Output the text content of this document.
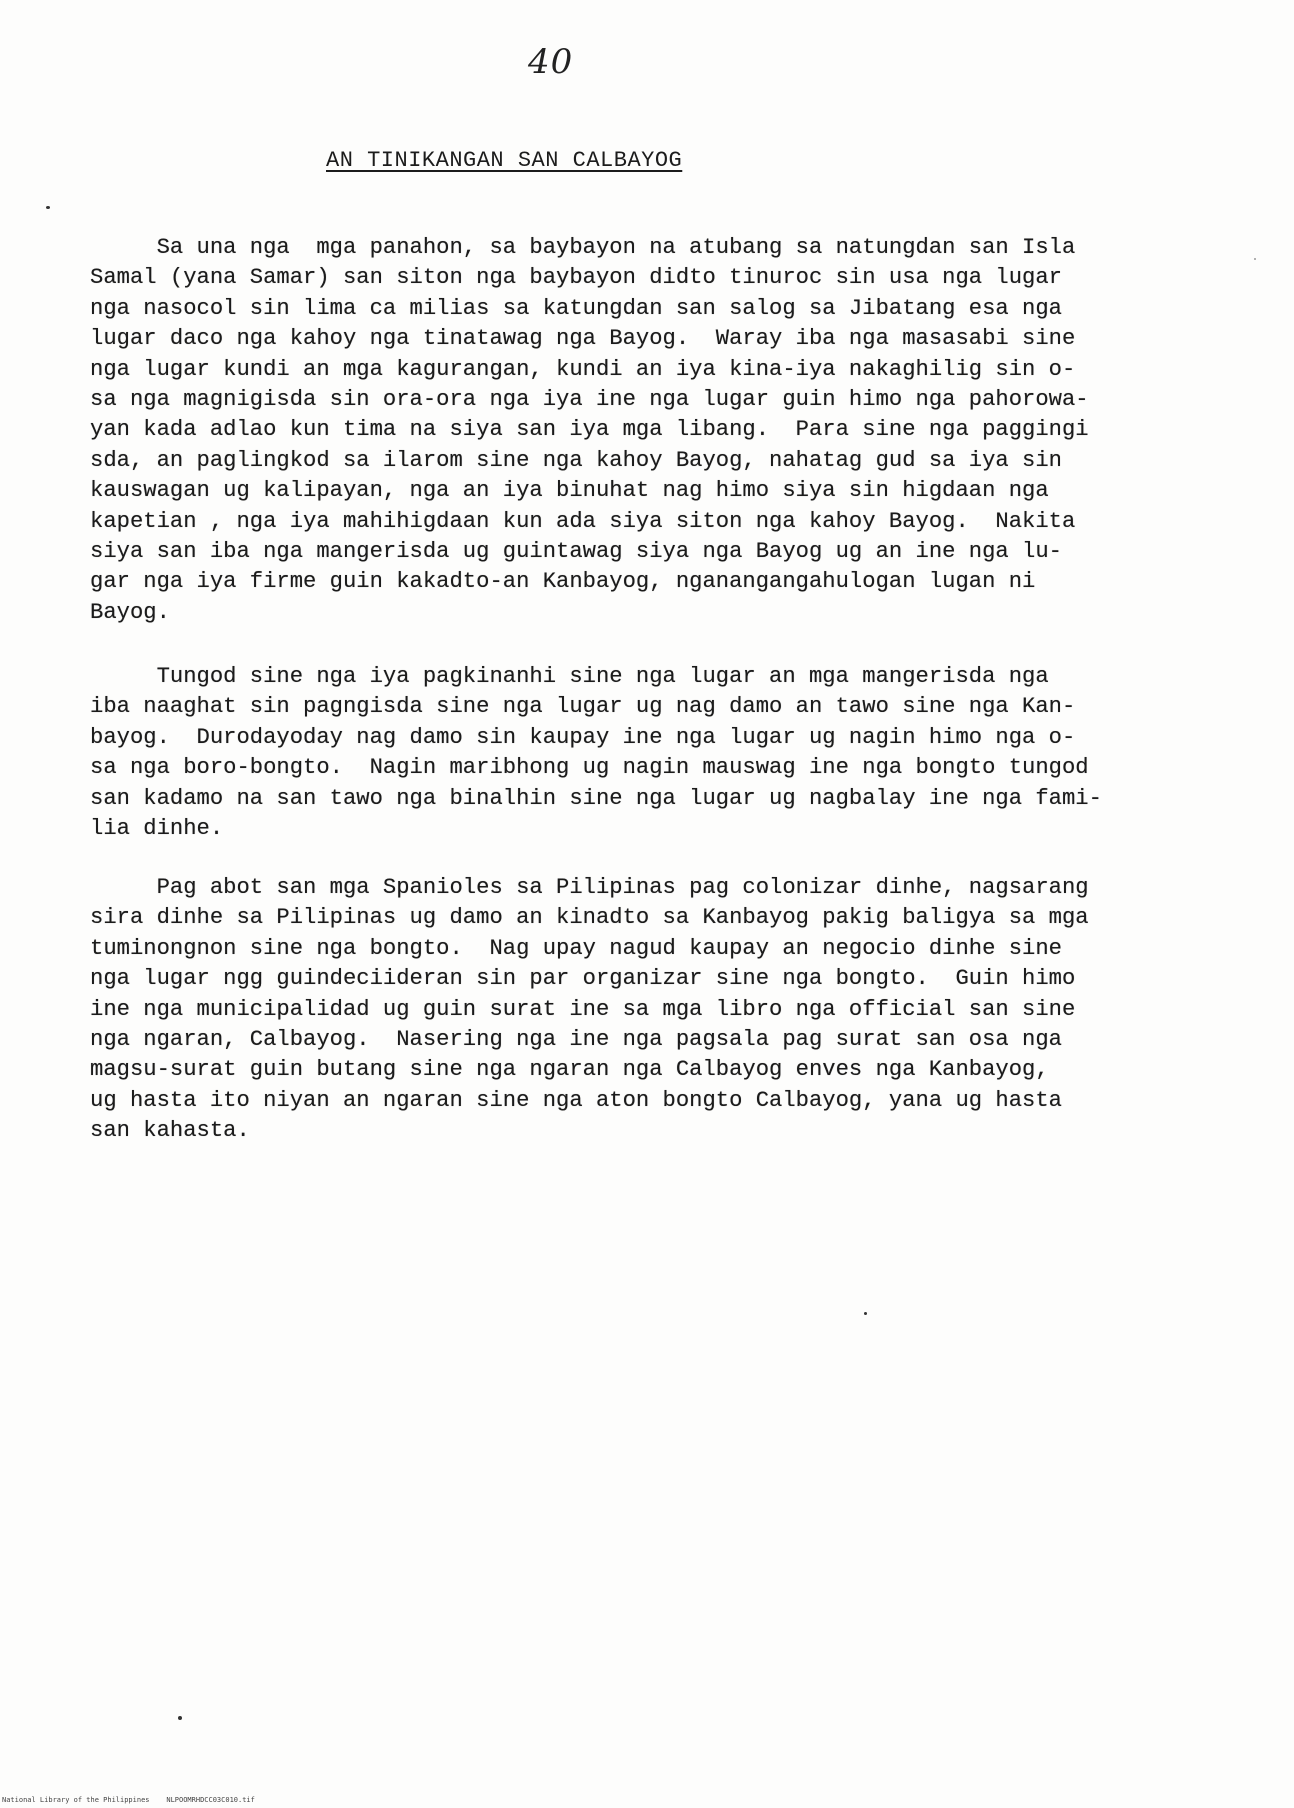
40
AN TINIKANGAN SAN CALBAYOG
Sa una nga  mga panahon, sa baybayon na atubang sa natungdan san Isla
Samal (yana Samar) san siton nga baybayon didto tinuroc sin usa nga lugar
nga nasocol sin lima ca milias sa katungdan san salog sa Jibatang esa nga
lugar daco nga kahoy nga tinatawag nga Bayog.  Waray iba nga masasabi sine
nga lugar kundi an mga kagurangan, kundi an iya kina-iya nakaghilig sin o-
sa nga magnigisda sin ora-ora nga iya ine nga lugar guin himo nga pahorowa-
yan kada adlao kun tima na siya san iya mga libang.  Para sine nga paggingi
sda, an paglingkod sa ilarom sine nga kahoy Bayog, nahatag gud sa iya sin
kauswagan ug kalipayan, nga an iya binuhat nag himo siya sin higdaan nga
kapetian , nga iya mahihigdaan kun ada siya siton nga kahoy Bayog.  Nakita
siya san iba nga mangerisda ug guintawag siya nga Bayog ug an ine nga lu-
gar nga iya firme guin kakadto-an Kanbayog, nganangangahulogan lugan ni
Bayog.
Tungod sine nga iya pagkinanhi sine nga lugar an mga mangerisda nga
iba naaghat sin pagngisda sine nga lugar ug nag damo an tawo sine nga Kan-
bayog.  Durodayoday nag damo sin kaupay ine nga lugar ug nagin himo nga o-
sa nga boro-bongto.  Nagin maribhong ug nagin mauswag ine nga bongto tungod
san kadamo na san tawo nga binalhin sine nga lugar ug nagbalay ine nga fami-
lia dinhe.
Pag abot san mga Spanioles sa Pilipinas pag colonizar dinhe, nagsarang
sira dinhe sa Pilipinas ug damo an kinadto sa Kanbayog pakig baligya sa mga
tuminongnon sine nga bongto.  Nag upay nagud kaupay an negocio dinhe sine
nga lugar ngg guindeciideran sin par organizar sine nga bongto.  Guin himo
ine nga municipalidad ug guin surat ine sa mga libro nga official san sine
nga ngaran, Calbayog.  Nasering nga ine nga pagsala pag surat san osa nga
magsu-surat guin butang sine nga ngaran nga Calbayog enves nga Kanbayog,
ug hasta ito niyan an ngaran sine nga aton bongto Calbayog, yana ug hasta
san kahasta.
National Library of the Philippines    NLPOOMRHDCC03C010.tif
